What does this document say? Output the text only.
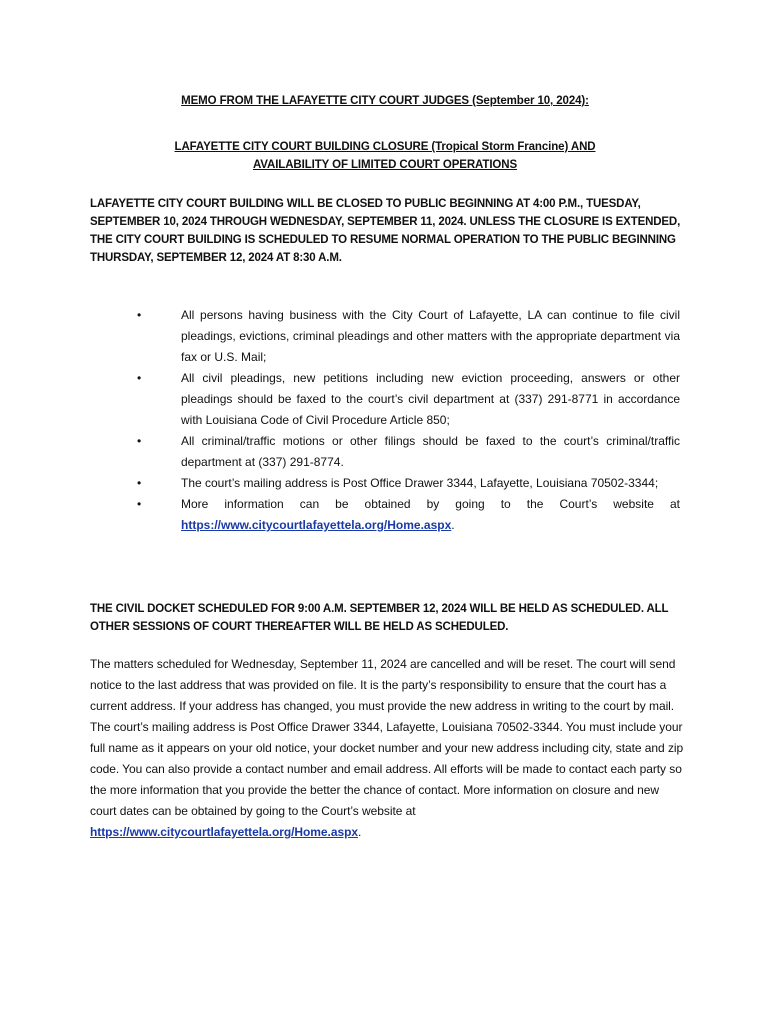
MEMO FROM THE LAFAYETTE CITY COURT JUDGES (September 10, 2024):
LAFAYETTE CITY COURT BUILDING CLOSURE (Tropical Storm Francine) AND
AVAILABILITY OF LIMITED COURT OPERATIONS
LAFAYETTE CITY COURT BUILDING WILL BE CLOSED TO PUBLIC BEGINNING AT 4:00 P.M., TUESDAY, SEPTEMBER 10, 2024 THROUGH WEDNESDAY, SEPTEMBER 11, 2024. UNLESS THE CLOSURE IS EXTENDED, THE CITY COURT BUILDING IS SCHEDULED TO RESUME NORMAL OPERATION TO THE PUBLIC BEGINNING THURSDAY, SEPTEMBER 12, 2024 AT 8:30 A.M.
•	All persons having business with the City Court of Lafayette, LA can continue to file civil pleadings, evictions, criminal pleadings and other matters with the appropriate department via fax or U.S. Mail;
•	All civil pleadings, new petitions including new eviction proceeding, answers or other pleadings should be faxed to the court’s civil department at (337) 291-8771 in accordance with Louisiana Code of Civil Procedure Article 850;
•	All criminal/traffic motions or other filings should be faxed to the court’s criminal/traffic department at (337) 291-8774.
•	The court’s mailing address is Post Office Drawer 3344, Lafayette, Louisiana 70502-3344;
•	More information can be obtained by going to the Court’s website at https://www.citycourtlafayettela.org/Home.aspx.
THE CIVIL DOCKET SCHEDULED FOR 9:00 A.M. SEPTEMBER 12, 2024 WILL BE HELD AS SCHEDULED. ALL OTHER SESSIONS OF COURT THEREAFTER WILL BE HELD AS SCHEDULED.
The matters scheduled for Wednesday, September 11, 2024 are cancelled and will be reset. The court will send notice to the last address that was provided on file. It is the party’s responsibility to ensure that the court has a current address. If your address has changed, you must provide the new address in writing to the court by mail. The court’s mailing address is Post Office Drawer 3344, Lafayette, Louisiana 70502-3344. You must include your full name as it appears on your old notice, your docket number and your new address including city, state and zip code. You can also provide a contact number and email address. All efforts will be made to contact each party so the more information that you provide the better the chance of contact. More information on closure and new court dates can be obtained by going to the Court’s website at https://www.citycourtlafayettela.org/Home.aspx.
